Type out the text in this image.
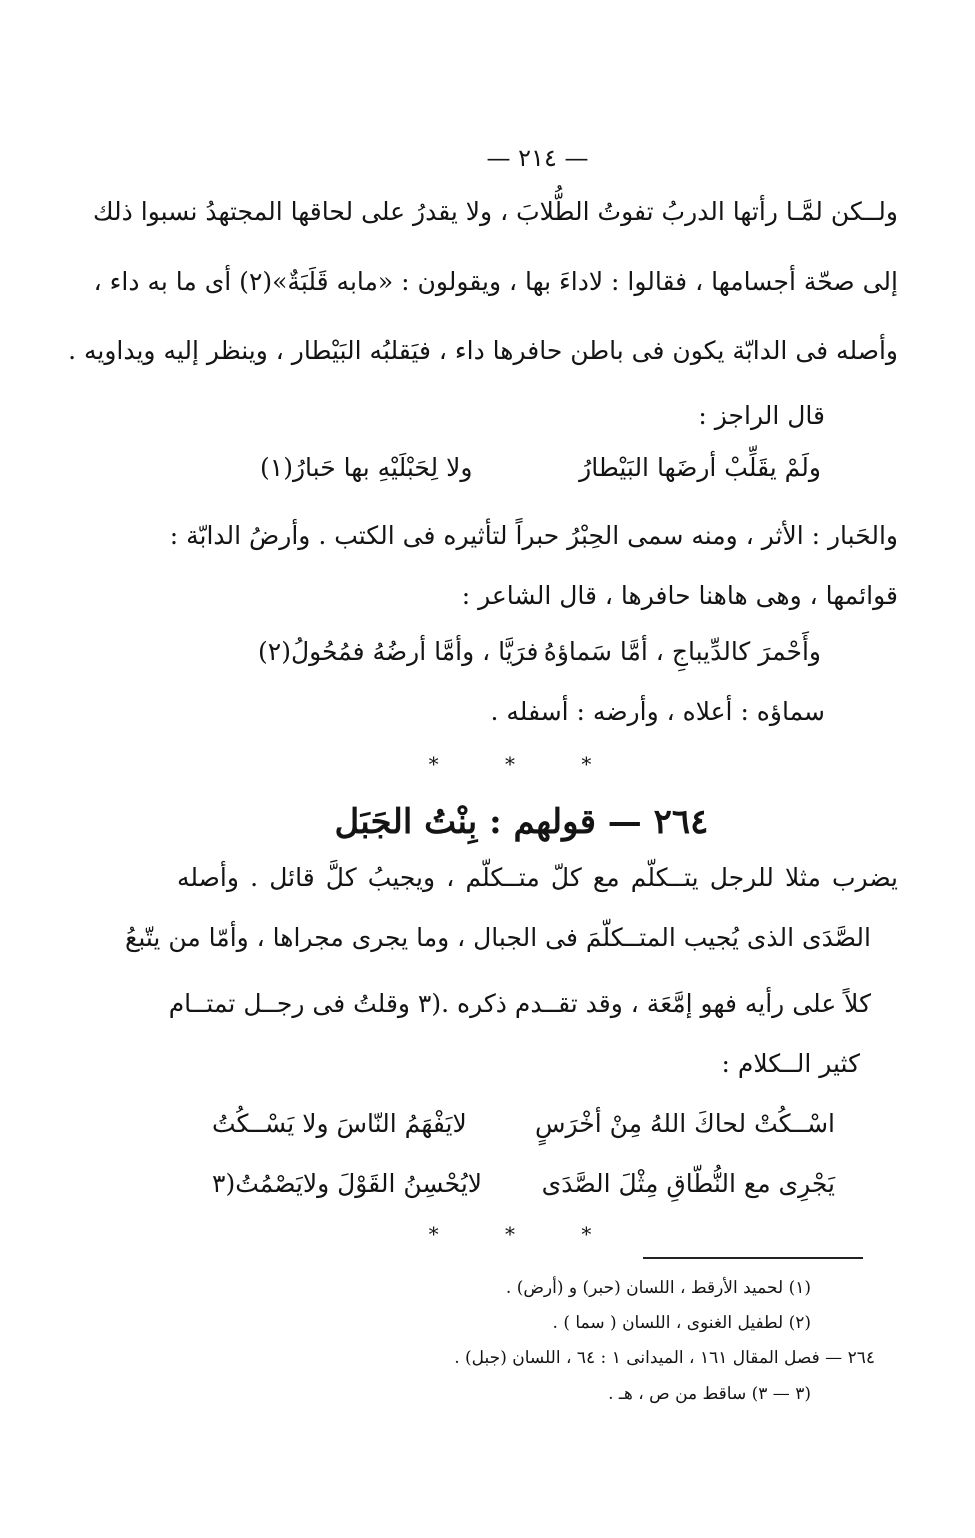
— ٢١٤ —
ولــكن لمَّـا رأتها الدربُ تفوتُ الطُّلابَ ، ولا يقدرُ على لحاقها المجتهدُ نسبوا ذلك
إلى صحّة أجسامها ، فقالوا : لاداءَ بها ، ويقولون : «مابه قَلَبَةٌ»(٢) أى ما به داء ،
وأصله فى الدابّة يكون فى باطن حافرها داء ، فيَقلبُه البَيْطار ، وينظر إليه ويداويه .
قال الراجز :
ولَمْ يقَلِّبْ أرضَها البَيْطارُ
ولا لِحَبْلَيْهِ بها حَبارُ(١)
والحَبار : الأثر ، ومنه سمى الحِبْرُ حبراً لتأثيره فى الكتب . وأرضُ الدابّة :
قوائمها ، وهى هاهنا حافرها ، قال الشاعر :
وأَحْمرَ كالدِّيباجِ ، أمَّا سَماؤهُ
فرَيَّا ، وأمَّا أرضُهُ فمُحُولُ(٢)
سماؤه : أعلاه ، وأرضه : أسفله .
* * *
٢٦٤ — قولهم : بِنْتُ الجَبَل
يضرب مثلا للرجل يتــكلّم مع كلّ متــكلّم ، ويجيبُ كلَّ قائل . وأصله
الصَّدَى الذى يُجيب المتــكلّمَ فى الجبال ، وما يجرى مجراها ، وأمّا من يتّبعُ
كلاً على رأيه فهو إمَّعَة ، وقد تقــدم ذكره .(٣ وقلتُ فى رجــل تمتــام
كثير الــكلام :
اسْــكُتْ لحاكَ اللهُ مِنْ أخْرَسٍ
لايَفْهَمُ النّاسَ ولا يَسْــكُتُ
يَجْرِى مع النُّطّاقِ مِثْلَ الصَّدَى
لايُحْسِنُ القَوْلَ ولايَصْمُتُ(٣
* * *
(١) لحميد الأرقط ، اللسان (حبر) و (أرض) .
(٢) لطفيل الغنوى ، اللسان ( سما ) .
٢٦٤ — فصل المقال ١٦١ ، الميدانى ١ : ٦٤ ، اللسان (جبل) .
(٣ — ٣) ساقط من ص ، هـ .
